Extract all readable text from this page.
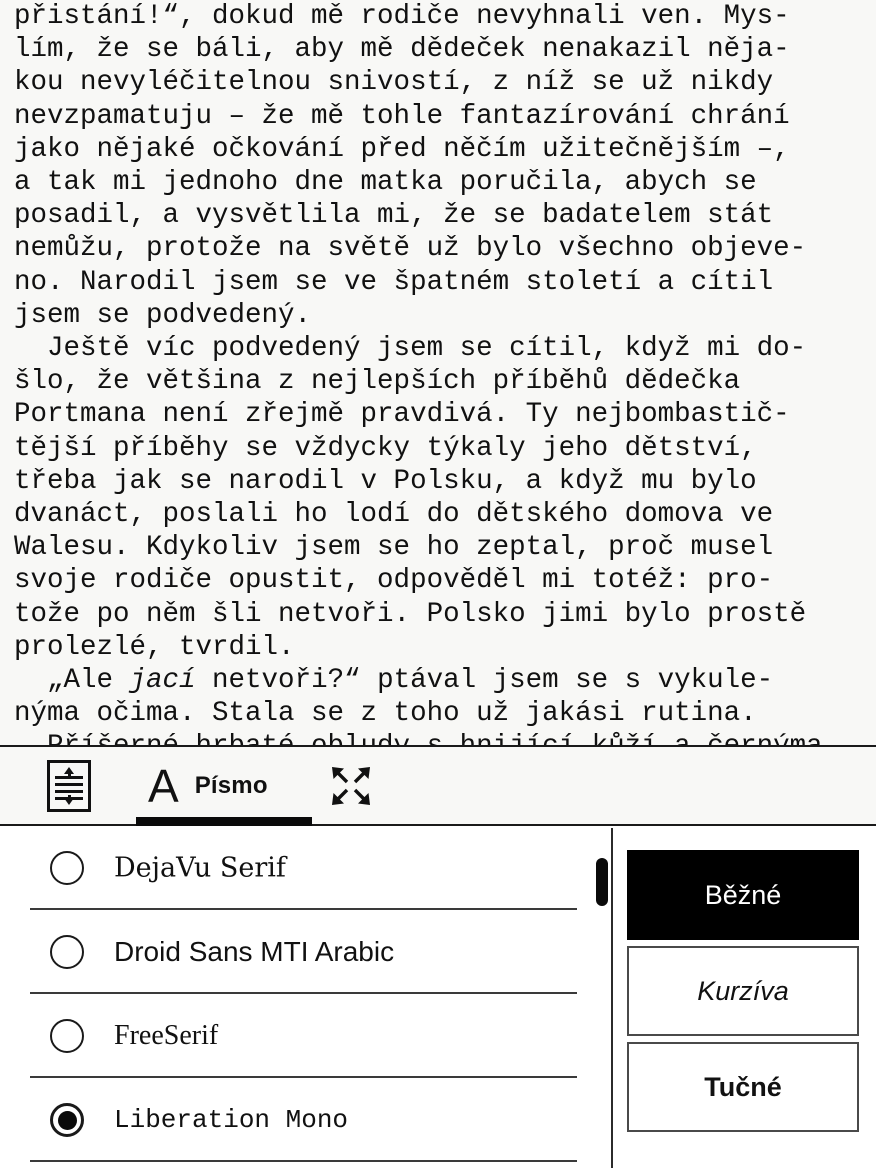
přistání!“, dokud mě rodiče nevyhnali ven. Mys-

lím, že se báli, aby mě dědeček nenakazil něja-

kou nevyléčitelnou snivostí, z níž se už nikdy

nevzpamatuju – že mě tohle fantazírování chrání

jako nějaké očkování před něčím užitečnějším –,

a tak mi jednoho dne matka poručila, abych se

posadil, a vysvětlila mi, že se badatelem stát

nemůžu, protože na světě už bylo všechno objeve-

no. Narodil jsem se ve špatném století a cítil

jsem se podvedený.

Ještě víc podvedený jsem se cítil, když mi do-

šlo, že většina z nejlepších příběhů dědečka

Portmana není zřejmě pravdivá. Ty nejbombastič-

tější příběhy se vždycky týkaly jeho dětství,

třeba jak se narodil v Polsku, a když mu bylo

dvanáct, poslali ho lodí do dětského domova ve

Walesu. Kdykoliv jsem se ho zeptal, proč musel

svoje rodiče opustit, odpověděl mi totéž: pro-

tože po něm šli netvoři. Polsko jimi bylo prostě

prolezlé, tvrdil.

„Ale jací netvoři?“ ptával jsem se s vykule-

nýma očima. Stala se z toho už jakási rutina.

A Písmo
DejaVu Serif
Droid Sans MTI Arabic
FreeSerif
Liberation Mono
Běžné
Kurzíva
Tučné
